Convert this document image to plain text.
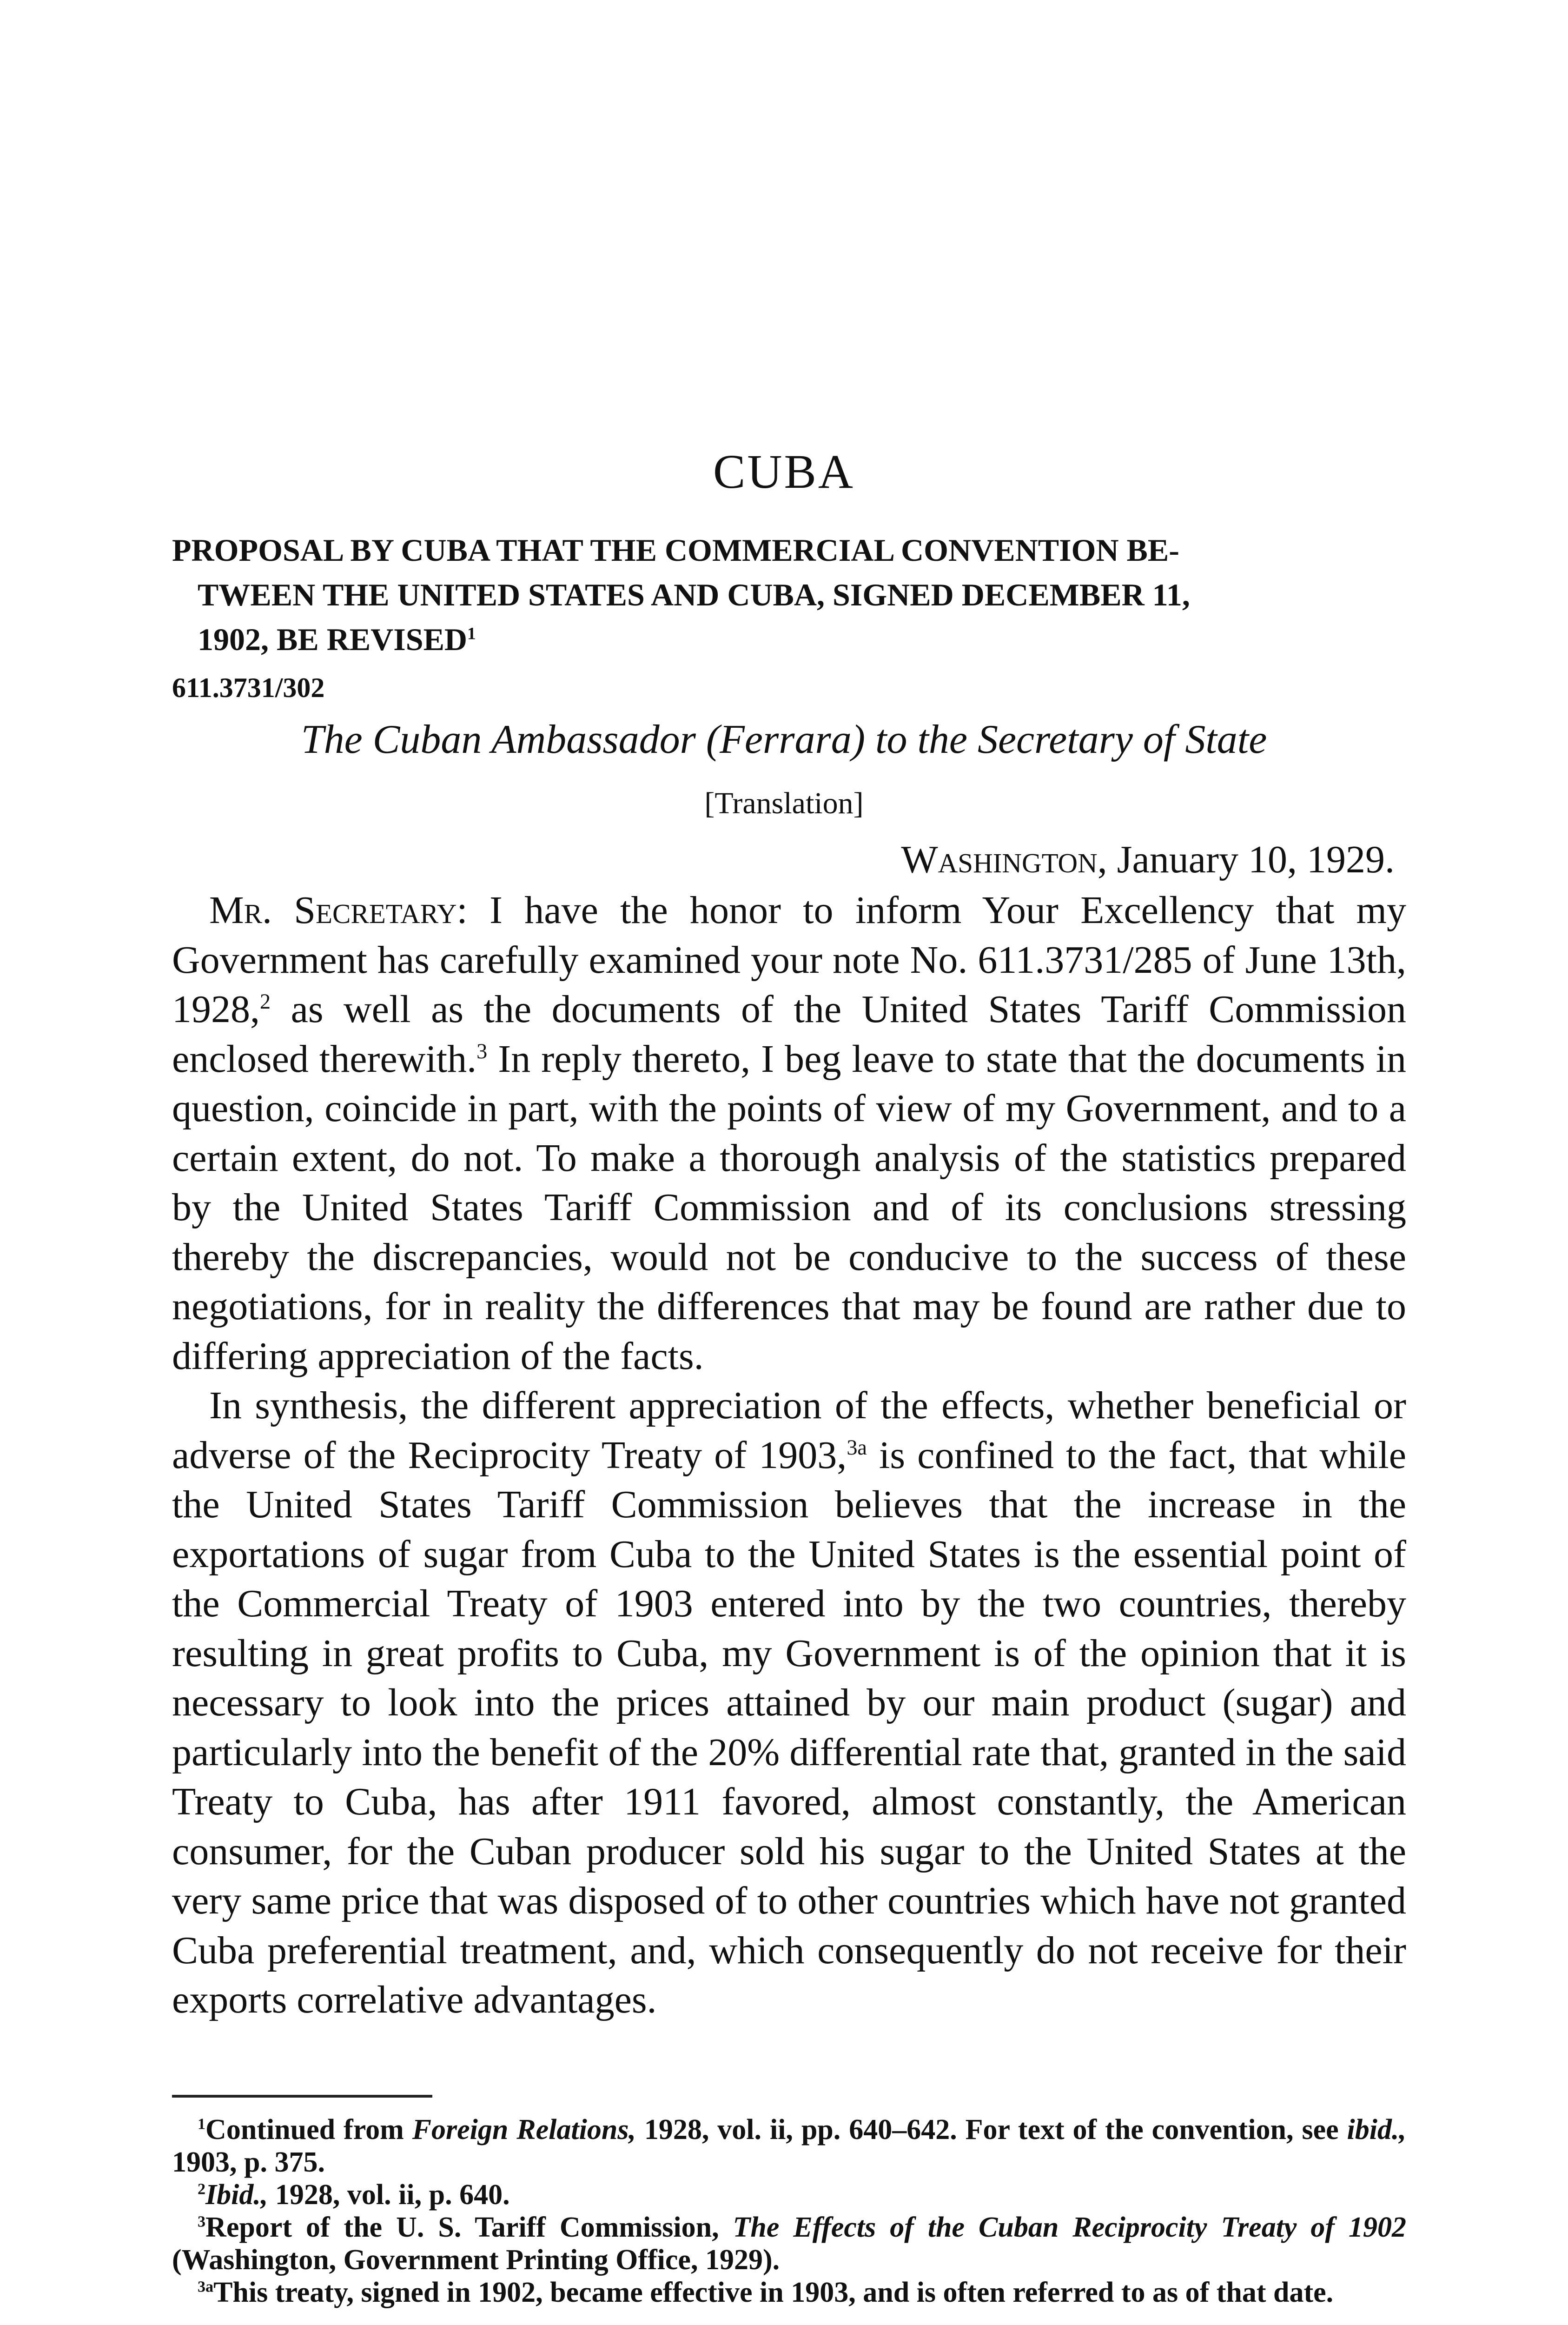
CUBA
PROPOSAL BY CUBA THAT THE COMMERCIAL CONVENTION BE-
TWEEN THE UNITED STATES AND CUBA, SIGNED DECEMBER 11,
1902, BE REVISED$^1$

611.3731/302

The Cuban Ambassador (Ferrara) to the Secretary of State

[Translation]

Washington, January 10, 1929.

Mr. Secretary: I have the honor to inform Your Excellency that my Government has carefully examined your note No. 611.3731/285 of June 13th, 1928,$^2$ as well as the documents of the United States Tariff Commission enclosed therewith.$^3$ In reply thereto, I beg leave to state that the documents in question, coincide in part, with the points of view of my Government, and to a certain extent, do not. To make a thorough analysis of the statistics prepared by the United States Tariff Commission and of its conclusions stressing thereby the discrepancies, would not be conducive to the success of these negotiations, for in reality the differences that may be found are rather due to differing appreciation of the facts.

In synthesis, the different appreciation of the effects, whether beneficial or adverse of the Reciprocity Treaty of 1903,$^{3a}$ is confined to the fact, that while the United States Tariff Commission believes that the increase in the exportations of sugar from Cuba to the United States is the essential point of the Commercial Treaty of 1903 entered into by the two countries, thereby resulting in great profits to Cuba, my Government is of the opinion that it is necessary to look into the prices attained by our main product (sugar) and particularly into the benefit of the 20% differential rate that, granted in the said Treaty to Cuba, has after 1911 favored, almost constantly, the American consumer, for the Cuban producer sold his sugar to the United States at the very same price that was disposed of to other countries which have not granted Cuba preferential treatment, and, which consequently do not receive for their exports correlative advantages.

$^1$Continued from Foreign Relations, 1928, vol. ii, pp. 640–642. For text of the convention, see ibid., 1903, p. 375.

$^2$Ibid., 1928, vol. ii, p. 640.

$^3$Report of the U. S. Tariff Commission, The Effects of the Cuban Reciprocity Treaty of 1902 (Washington, Government Printing Office, 1929).

$^{3a}$This treaty, signed in 1902, became effective in 1903, and is often referred to as of that date.
